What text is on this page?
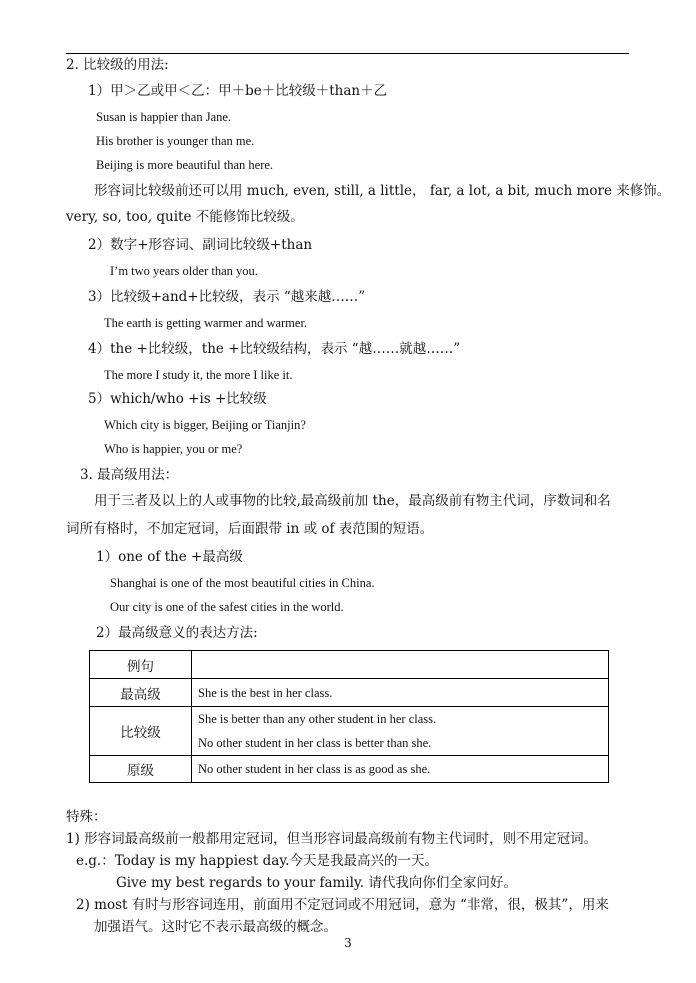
2. 比较级的用法:
1）甲＞乙或甲＜乙：甲＋be＋比较级＋than＋乙
Susan is happier than Jane.
His brother is younger than me.
Beijing is more beautiful than here.
形容词比较级前还可以用 much, even, still, a little， far, a lot, a bit, much more 来修饰。
very, so, too, quite 不能修饰比较级。
2）数字+形容词、副词比较级+than
I’m two years older than you.
3）比较级+and+比较级，表示 “越来越……”
The earth is getting warmer and warmer.
4）the +比较级，the +比较级结构，表示 “越……就越……”
The more I study it, the more I like it.
5）which/who +is +比较级
Which city is bigger, Beijing or Tianjin?
Who is happier, you or me?
3. 最高级用法：
用于三者及以上的人或事物的比较,最高级前加 the，最高级前有物主代词，序数词和名
词所有格时，不加定冠词，后面跟带 in 或 of 表范围的短语。
1）one of the +最高级
Shanghai is one of the most beautiful cities in China.
Our city is one of the safest cities in the world.
2）最高级意义的表达方法:
例句	
最高级	She is the best in her class.

比较级	She is better than any other student in her class.
No other student in her class is better than she.

原级	No other student in her class is as good as she.
特殊：
1) 形容词最高级前一般都用定冠词，但当形容词最高级前有物主代词时，则不用定冠词。
e.g.：Today is my happiest day.今天是我最高兴的一天。
Give my best regards to your family. 请代我向你们全家问好。
2) most 有时与形容词连用，前面用不定冠词或不用冠词，意为 “非常，很，极其”，用来
加强语气。这时它不表示最高级的概念。
3
